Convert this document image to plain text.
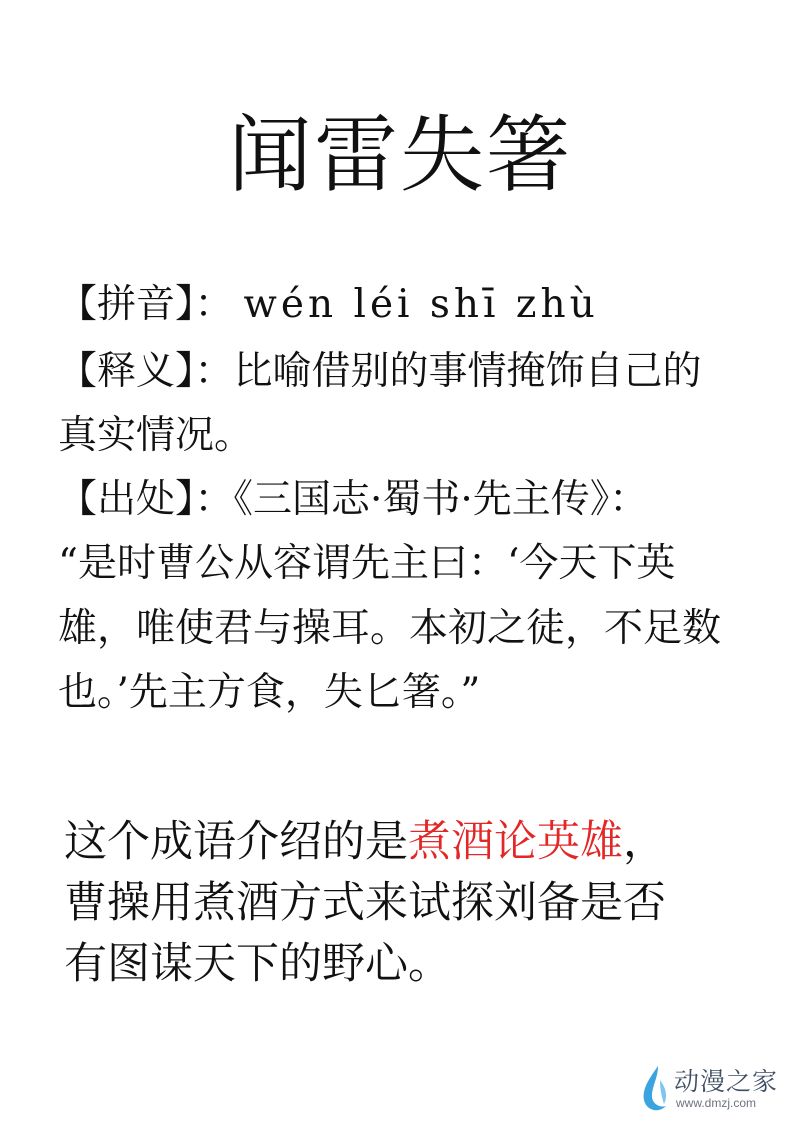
闻雷失箸
【拼音】： wén léi shī zhù
【释义】：比喻借别的事情掩饰自己的
真实情况。
【出处】：《三国志·蜀书·先主传》：
“是时曹公从容谓先主曰：‘今天下英
雄，唯使君与操耳。本初之徒，不足数
也。’先主方食，失匕箸。”
这个成语介绍的是煮酒论英雄，
曹操用煮酒方式来试探刘备是否
有图谋天下的野心。
动漫之家
www.dmzj.com
